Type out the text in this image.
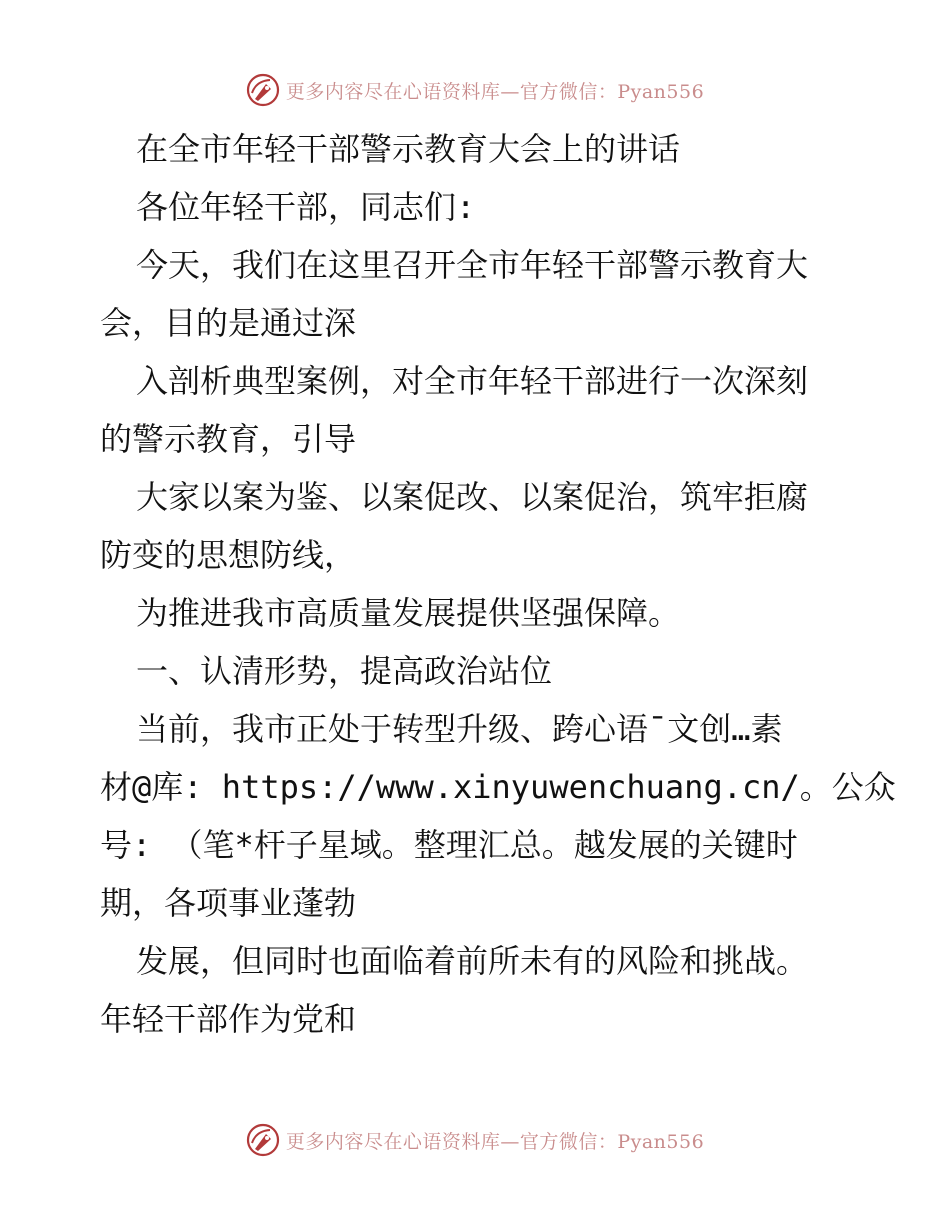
更多内容尽在心语资料库—官方微信：Pyan556
在全市年轻干部警示教育大会上的讲话
各位年轻干部，同志们:
今天，我们在这里召开全市年轻干部警示教育大
会，目的是通过深
入剖析典型案例，对全市年轻干部进行一次深刻
的警示教育，引导
大家以案为鉴、以案促改、以案促治，筑牢拒腐
防变的思想防线，
为推进我市高质量发展提供坚强保障。
一、认清形势，提高政治站位
当前，我市正处于转型升级、跨心语¯文创…素
材@库: https://www.xinyuwenchuang.cn/。公众
号: （笔*杆子星域。整理汇总。越发展的关键时
期，各项事业蓬勃
发展，但同时也面临着前所未有的风险和挑战。
年轻干部作为党和
更多内容尽在心语资料库—官方微信：Pyan556
